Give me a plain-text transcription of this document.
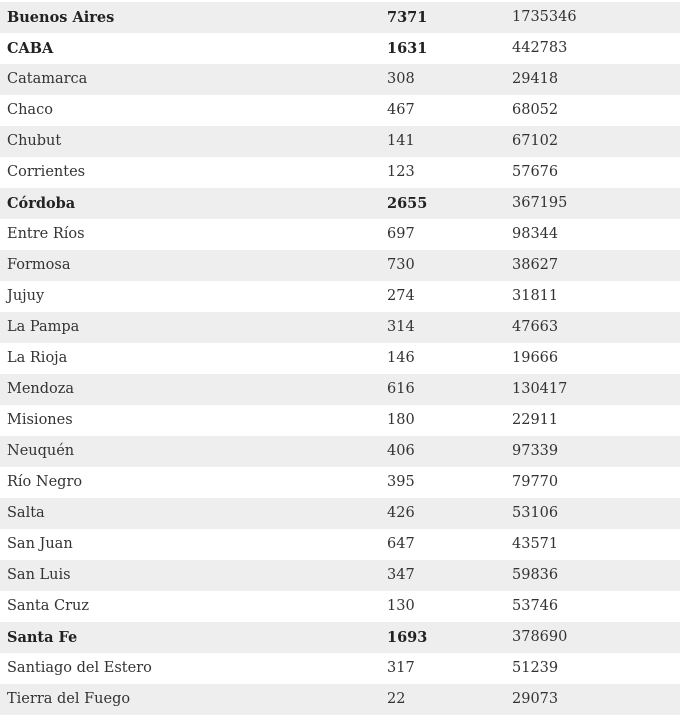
Buenos Aires	7371	1735346
CABA	1631	442783
Catamarca	308	29418
Chaco	467	68052
Chubut	141	67102
Corrientes	123	57676
Córdoba	2655	367195
Entre Ríos	697	98344
Formosa	730	38627
Jujuy	274	31811
La Pampa	314	47663
La Rioja	146	19666
Mendoza	616	130417
Misiones	180	22911
Neuquén	406	97339
Río Negro	395	79770
Salta	426	53106
San Juan	647	43571
San Luis	347	59836
Santa Cruz	130	53746
Santa Fe	1693	378690
Santiago del Estero	317	51239
Tierra del Fuego	22	29073
